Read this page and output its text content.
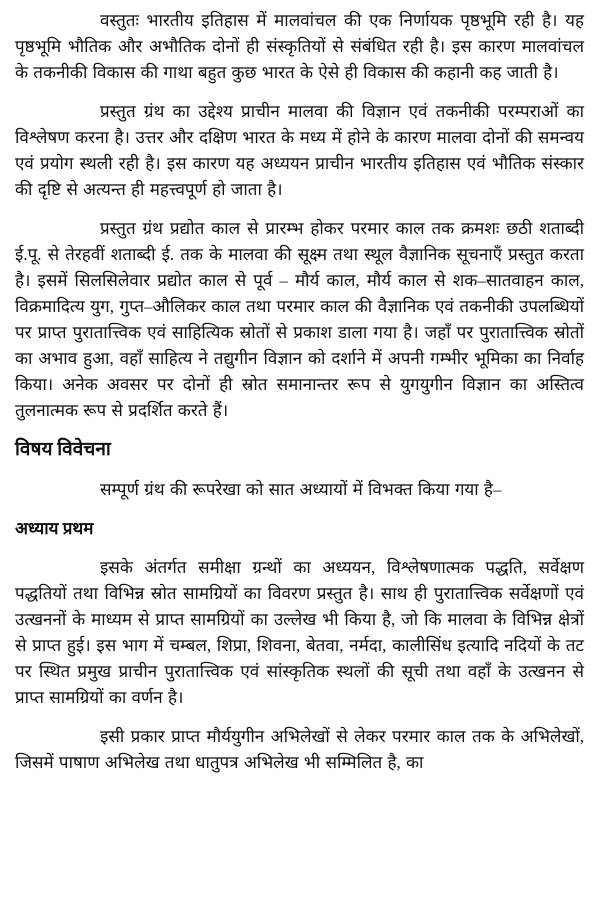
वस्तुतः भारतीय इतिहास में मालवांचल की एक निर्णायक पृष्ठभूमि रही है। यह पृष्ठभूमि भौतिक और अभौतिक दोनों ही संस्कृतियों से संबंधित रही है। इस कारण मालवांचल के तकनीकी विकास की गाथा बहुत कुछ भारत के ऐसे ही विकास की कहानी कह जाती है।

प्रस्तुत ग्रंथ का उद्देश्य प्राचीन मालवा की विज्ञान एवं तकनीकी परम्पराओं का विश्लेषण करना है। उत्तर और दक्षिण भारत के मध्य में होने के कारण मालवा दोनों की समन्वय एवं प्रयोग स्थली रही है। इस कारण यह अध्ययन प्राचीन भारतीय इतिहास एवं भौतिक संस्कार की दृष्टि से अत्यन्त ही महत्त्वपूर्ण हो जाता है।

प्रस्तुत ग्रंथ प्रद्योत काल से प्रारम्भ होकर परमार काल तक क्रमशः छठी शताब्दी ई.पू. से तेरहवीं शताब्दी ई. तक के मालवा की सूक्ष्म तथा स्थूल वैज्ञानिक सूचनाएँ प्रस्तुत करता है। इसमें सिलसिलेवार प्रद्योत काल से पूर्व – मौर्य काल, मौर्य काल से शक–सातवाहन काल, विक्रमादित्य युग, गुप्त–औलिकर काल तथा परमार काल की वैज्ञानिक एवं तकनीकी उपलब्धियों पर प्राप्त पुरातात्त्विक एवं साहित्यिक स्रोतों से प्रकाश डाला गया है। जहाँ पर पुरातात्त्विक स्रोतों का अभाव हुआ, वहाँ साहित्य ने तद्युगीन विज्ञान को दर्शाने में अपनी गम्भीर भूमिका का निर्वाह किया। अनेक अवसर पर दोनों ही स्रोत समानान्तर रूप से युगयुगीन विज्ञान का अस्तित्व तुलनात्मक रूप से प्रदर्शित करते हैं।

विषय विवेचना

सम्पूर्ण ग्रंथ की रूपरेखा को सात अध्यायों में विभक्त किया गया है–

अध्याय प्रथम

इसके अंतर्गत समीक्षा ग्रन्थों का अध्ययन, विश्लेषणात्मक पद्धति, सर्वेक्षण पद्धतियों तथा विभिन्न स्रोत सामग्रियों का विवरण प्रस्तुत है। साथ ही पुरातात्त्विक सर्वेक्षणों एवं उत्खननों के माध्यम से प्राप्त सामग्रियों का उल्लेख भी किया है, जो कि मालवा के विभिन्न क्षेत्रों से प्राप्त हुई। इस भाग में चम्बल, शिप्रा, शिवना, बेतवा, नर्मदा, कालीसिंध इत्यादि नदियों के तट पर स्थित प्रमुख प्राचीन पुरातात्त्विक एवं सांस्कृतिक स्थलों की सूची तथा वहाँ के उत्खनन से प्राप्त सामग्रियों का वर्णन है।

इसी प्रकार प्राप्त मौर्ययुगीन अभिलेखों से लेकर परमार काल तक के अभिलेखों, जिसमें पाषाण अभिलेख तथा धातुपत्र अभिलेख भी सम्मिलित है, का
